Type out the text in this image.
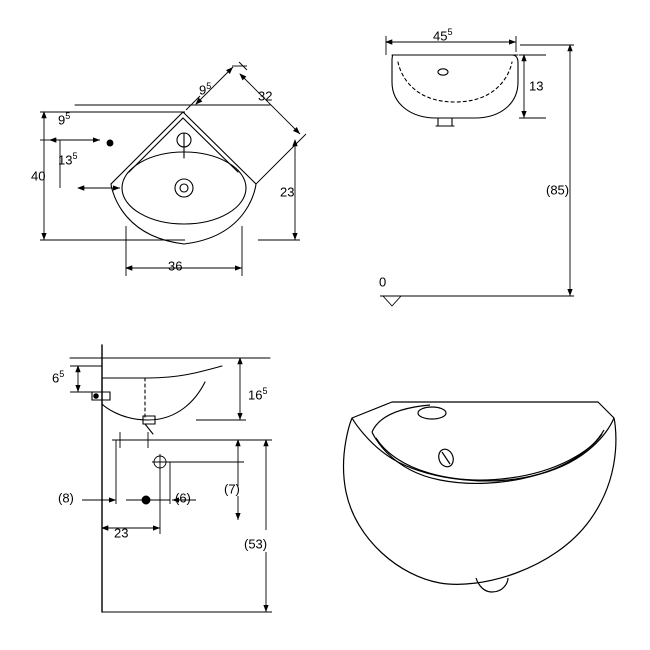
$9^5$
32
$9^5$
$13^5$
40
23
36
$45^5$
13
(85)
0
$6^5$
$16^5$
(8)	(6)
(7)
23
(53)
